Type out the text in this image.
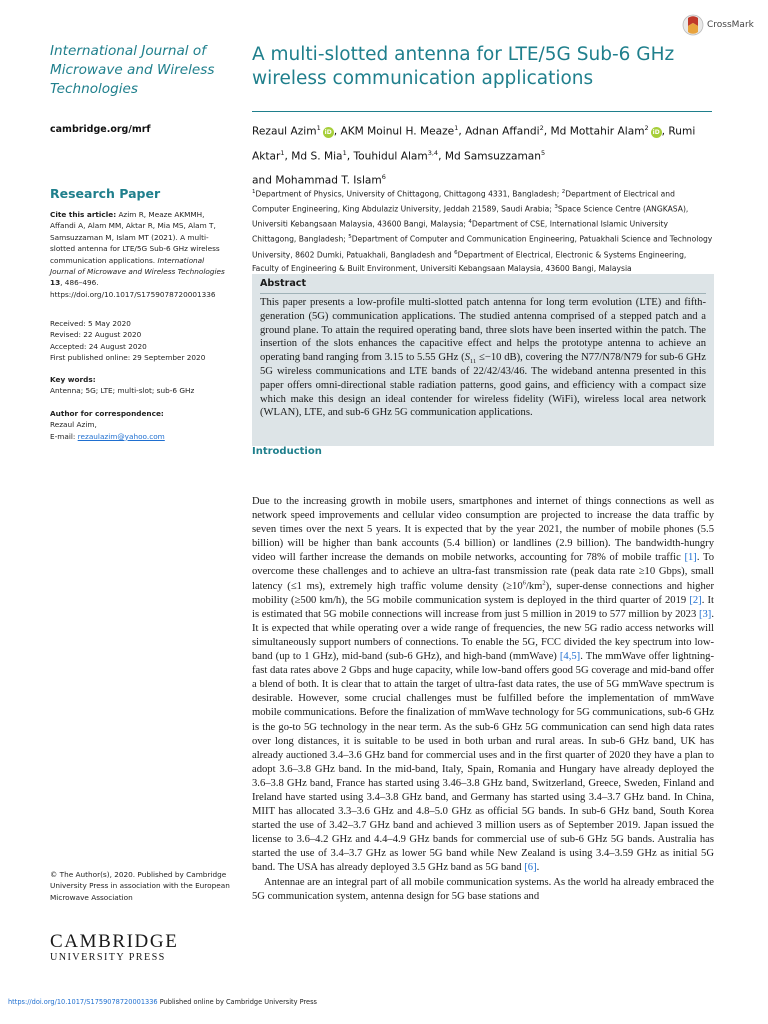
CrossMark
International Journal of Microwave and Wireless Technologies
cambridge.org/mrf
Research Paper
Cite this article: Azim R, Meaze AKMMH, Affandi A, Alam MM, Aktar R, Mia MS, Alam T, Samsuzzaman M, Islam MT (2021). A multi-slotted antenna for LTE/5G Sub-6 GHz wireless communication applications. International Journal of Microwave and Wireless Technologies 13, 486–496. https://doi.org/10.1017/S1759078720001336
Received: 5 May 2020
Revised: 22 August 2020
Accepted: 24 August 2020
First published online: 29 September 2020
Key words:
Antenna; 5G; LTE; multi-slot; sub-6 GHz
Author for correspondence:
Rezaul Azim,
E-mail: rezaulazim@yahoo.com
© The Author(s), 2020. Published by Cambridge University Press in association with the European Microwave Association
CAMBRIDGE
UNIVERSITY PRESS
A multi-slotted antenna for LTE/5G Sub-6 GHz wireless communication applications
Rezaul Azim$^1$iD , AKM Moinul H. Meaze$^1$, Adnan Affandi$^2$, Md Mottahir Alam$^2$iD , Rumi Aktar$^1$, Md S. Mia$^1$, Touhidul Alam$^{3,4}$, Md Samsuzzaman$^5$
and Mohammad T. Islam$^6$
$^1$Department of Physics, University of Chittagong, Chittagong 4331, Bangladesh; $^2$Department of Electrical and Computer Engineering, King Abdulaziz University, Jeddah 21589, Saudi Arabia; $^3$Space Science Centre (ANGKASA), Universiti Kebangsaan Malaysia, 43600 Bangi, Malaysia; $^4$Department of CSE, International Islamic University Chittagong, Bangladesh; $^5$Department of Computer and Communication Engineering, Patuakhali Science and Technology University, 8602 Dumki, Patuakhali, Bangladesh and $^6$Department of Electrical, Electronic & Systems Engineering, Faculty of Engineering & Built Environment, Universiti Kebangsaan Malaysia, 43600 Bangi, Malaysia
Abstract
This paper presents a low-profile multi-slotted patch antenna for long term evolution (LTE) and fifth-generation (5G) communication applications. The studied antenna comprised of a stepped patch and a ground plane. To attain the required operating band, three slots have been inserted within the patch. The insertion of the slots enhances the capacitive effect and helps the prototype antenna to achieve an operating band ranging from 3.15 to 5.55 GHz ($S_{11} \le-10$ dB), covering the N77/N78/N79 for sub-6 GHz 5G wireless communications and LTE bands of 22/42/43/46. The wideband antenna presented in this paper offers omni-directional stable radiation patterns, good gains, and efficiency with a compact size which make this design an ideal contender for wireless fidelity (WiFi), wireless local area network (WLAN), LTE, and sub-6 GHz 5G communication applications.
Introduction

Due to the increasing growth in mobile users, smartphones and internet of things connections as well as network speed improvements and cellular video consumption are projected to increase the data traffic by seven times over the next 5 years. It is expected that by the year 2021, the number of mobile phones (5.5 billion) will be higher than bank accounts (5.4 billion) or landlines (2.9 billion). The bandwidth-hungry video will farther increase the demands on mobile networks, accounting for 78% of mobile traffic [1]. To overcome these challenges and to achieve an ultra-fast transmission rate (peak data rate ≥10 Gbps), small latency (≤1 ms), extremely high traffic volume density $(\ge 10^6/km^2)$, super-dense connections and higher mobility (≥500 km/h), the 5G mobile communication system is deployed in the third quarter of 2019 [2]. It is estimated that 5G mobile connections will increase from just 5 million in 2019 to 577 million by 2023 [3]. It is expected that while operating over a wide range of frequencies, the new 5G radio access networks will simultaneously support numbers of connections. To enable the 5G, FCC divided the key spectrum into low-band (up to 1 GHz), mid-band (sub-6 GHz), and high-band (mmWave) [4,5]. The mmWave offer lightning-fast data rates above 2 Gbps and huge capacity, while low-band offers good 5G coverage and mid-band offer a blend of both. It is clear that to attain the target of ultra-fast data rates, the use of 5G mmWave spectrum is desirable. However, some crucial challenges must be fulfilled before the implementation of mmWave mobile communications. Before the finalization of mmWave technology for 5G communications, sub-6 GHz is the go-to 5G technology in the near term. As the sub-6 GHz 5G communication can send high data rates over long distances, it is suitable to be used in both urban and rural areas. In sub-6 GHz band, UK has already auctioned 3.4–3.6 GHz band for commercial uses and in the first quarter of 2020 they have a plan to adopt 3.6–3.8 GHz band. In the mid-band, Italy, Spain, Romania and Hungary have already deployed the 3.6–3.8 GHz band, France has started using 3.46–3.8 GHz band, Switzerland, Greece, Sweden, Finland and Ireland have started using 3.4–3.8 GHz band, and Germany has started using 3.4–3.7 GHz band. In China, MIIT has allocated 3.3–3.6 GHz and 4.8–5.0 GHz as official 5G bands. In sub-6 GHz band, South Korea started the use of 3.42–3.7 GHz band and achieved 3 million users as of September 2019. Japan issued the license to 3.6–4.2 GHz and 4.4–4.9 GHz bands for commercial use of sub-6 GHz 5G bands. Australia has started the use of 3.4–3.7 GHz as lower 5G band while New Zealand is using 3.4–3.59 GHz as initial 5G band. The USA has already deployed 3.5 GHz band as 5G band [6].

Antennae are an integral part of all mobile communication systems. As the world ha already embraced the 5G communication system, antenna design for 5G base stations and

https://doi.org/10.1017/S1759078720001336 Published online by Cambridge University Press
